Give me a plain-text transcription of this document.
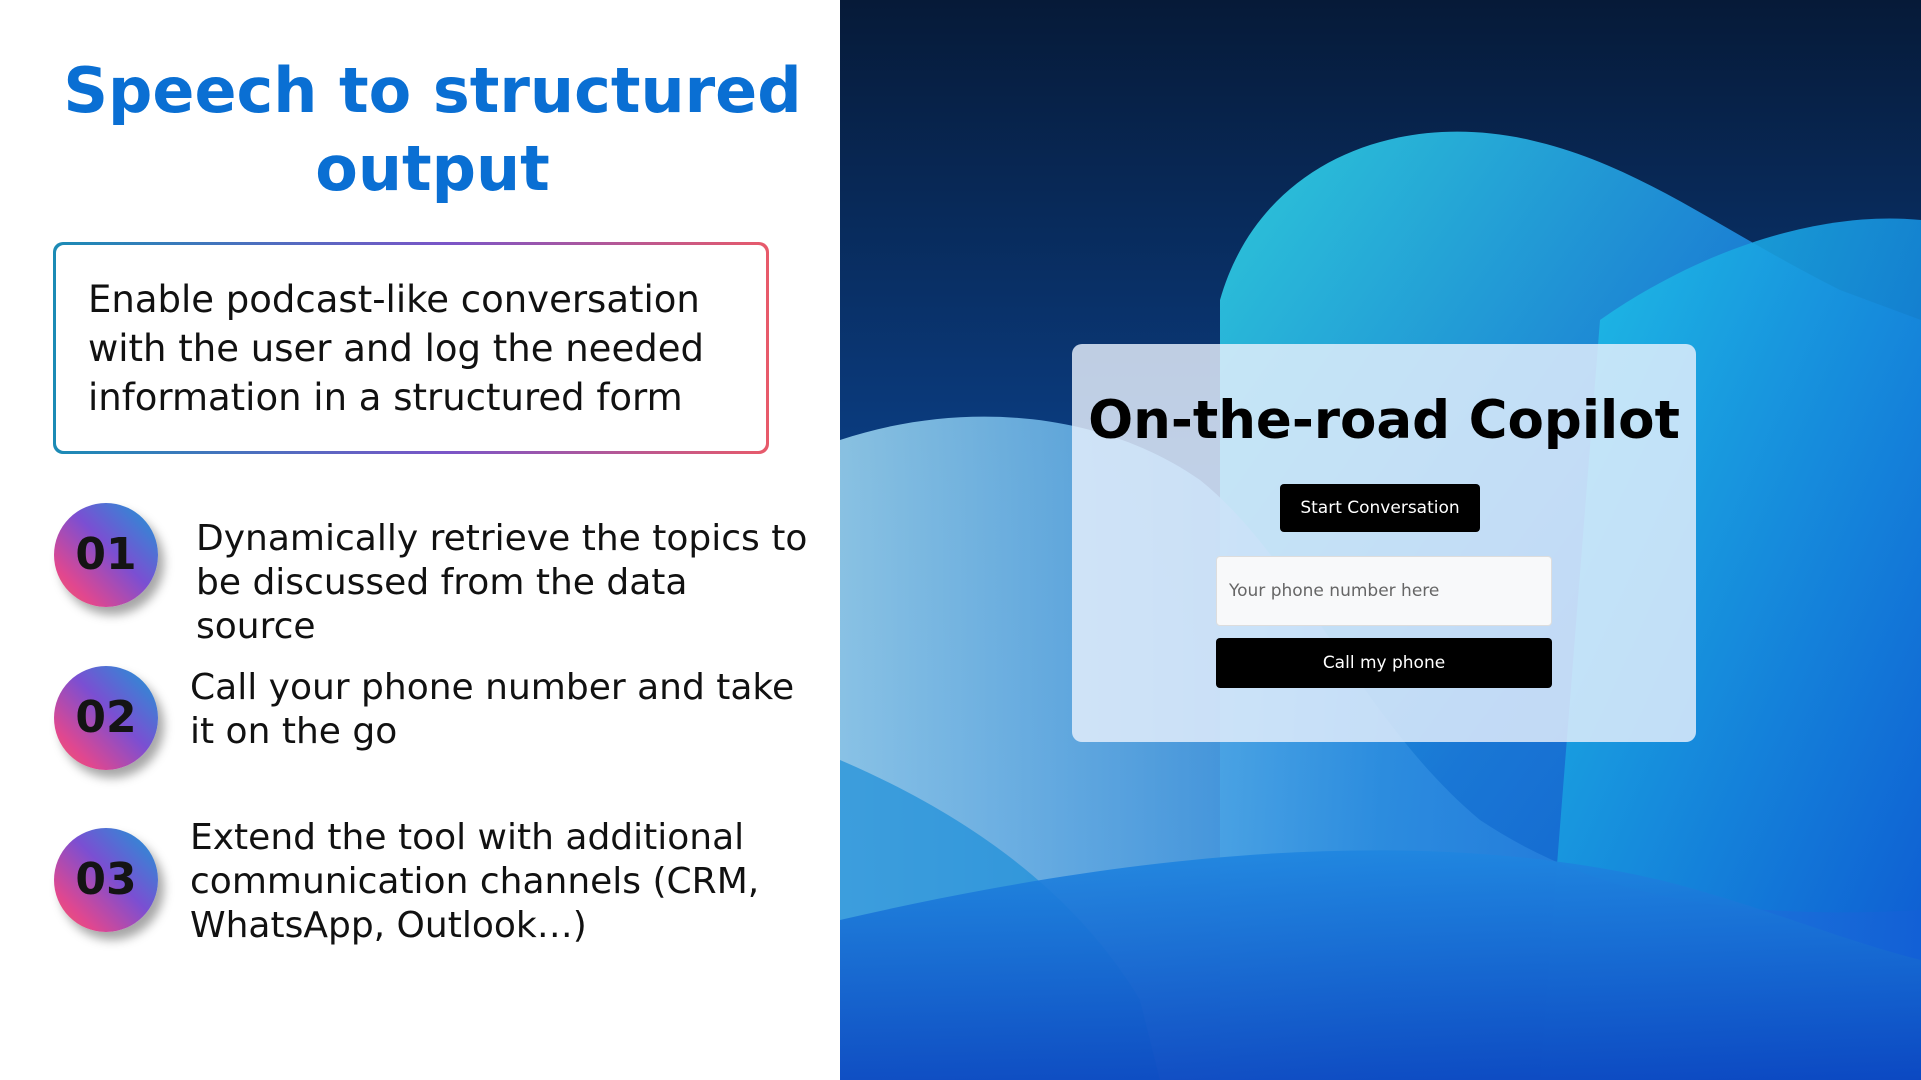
Speech to structured
output
Enable podcast-like conversation
with the user and log the needed
information in a structured form
01	Dynamically retrieve the topics to
be discussed from the data source
02
Call your phone number and take
it on the go
03
Extend the tool with additional
communication channels (CRM,
WhatsApp, Outlook…)
On-the-road Copilot
Start Conversation
Your phone number here
Call my phone
